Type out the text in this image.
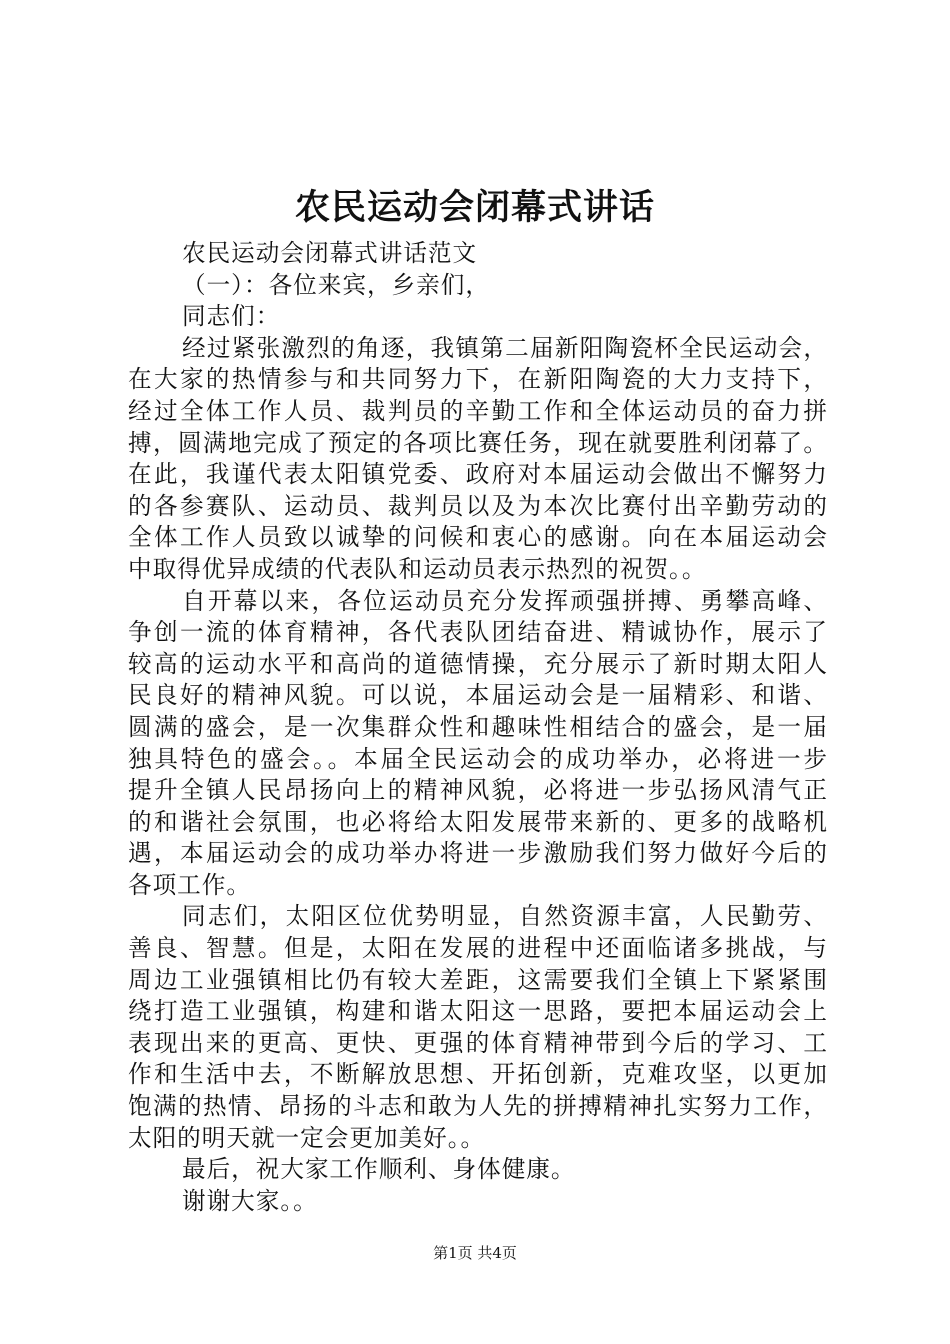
农民运动会闭幕式讲话
农民运动会闭幕式讲话范文
（一）：各位来宾，乡亲们，
同志们：
经过紧张激烈的角逐，我镇第二届新阳陶瓷杯全民运动会，
在大家的热情参与和共同努力下，在新阳陶瓷的大力支持下，
经过全体工作人员、裁判员的辛勤工作和全体运动员的奋力拼
搏，圆满地完成了预定的各项比赛任务，现在就要胜利闭幕了。
在此，我谨代表太阳镇党委、政府对本届运动会做出不懈努力
的各参赛队、运动员、裁判员以及为本次比赛付出辛勤劳动的
全体工作人员致以诚挚的问候和衷心的感谢。向在本届运动会
中取得优异成绩的代表队和运动员表示热烈的祝贺。。
自开幕以来，各位运动员充分发挥顽强拼搏、勇攀高峰、
争创一流的体育精神，各代表队团结奋进、精诚协作，展示了
较高的运动水平和高尚的道德情操，充分展示了新时期太阳人
民良好的精神风貌。可以说，本届运动会是一届精彩、和谐、
圆满的盛会，是一次集群众性和趣味性相结合的盛会，是一届
独具特色的盛会。。本届全民运动会的成功举办，必将进一步
提升全镇人民昂扬向上的精神风貌，必将进一步弘扬风清气正
的和谐社会氛围，也必将给太阳发展带来新的、更多的战略机
遇，本届运动会的成功举办将进一步激励我们努力做好今后的
各项工作。
同志们，太阳区位优势明显，自然资源丰富，人民勤劳、
善良、智慧。但是，太阳在发展的进程中还面临诸多挑战，与
周边工业强镇相比仍有较大差距，这需要我们全镇上下紧紧围
绕打造工业强镇，构建和谐太阳这一思路，要把本届运动会上
表现出来的更高、更快、更强的体育精神带到今后的学习、工
作和生活中去，不断解放思想、开拓创新，克难攻坚，以更加
饱满的热情、昂扬的斗志和敢为人先的拼搏精神扎实努力工作，
太阳的明天就一定会更加美好。。
最后，祝大家工作顺利、身体健康。
谢谢大家。。
第1页 共4页
